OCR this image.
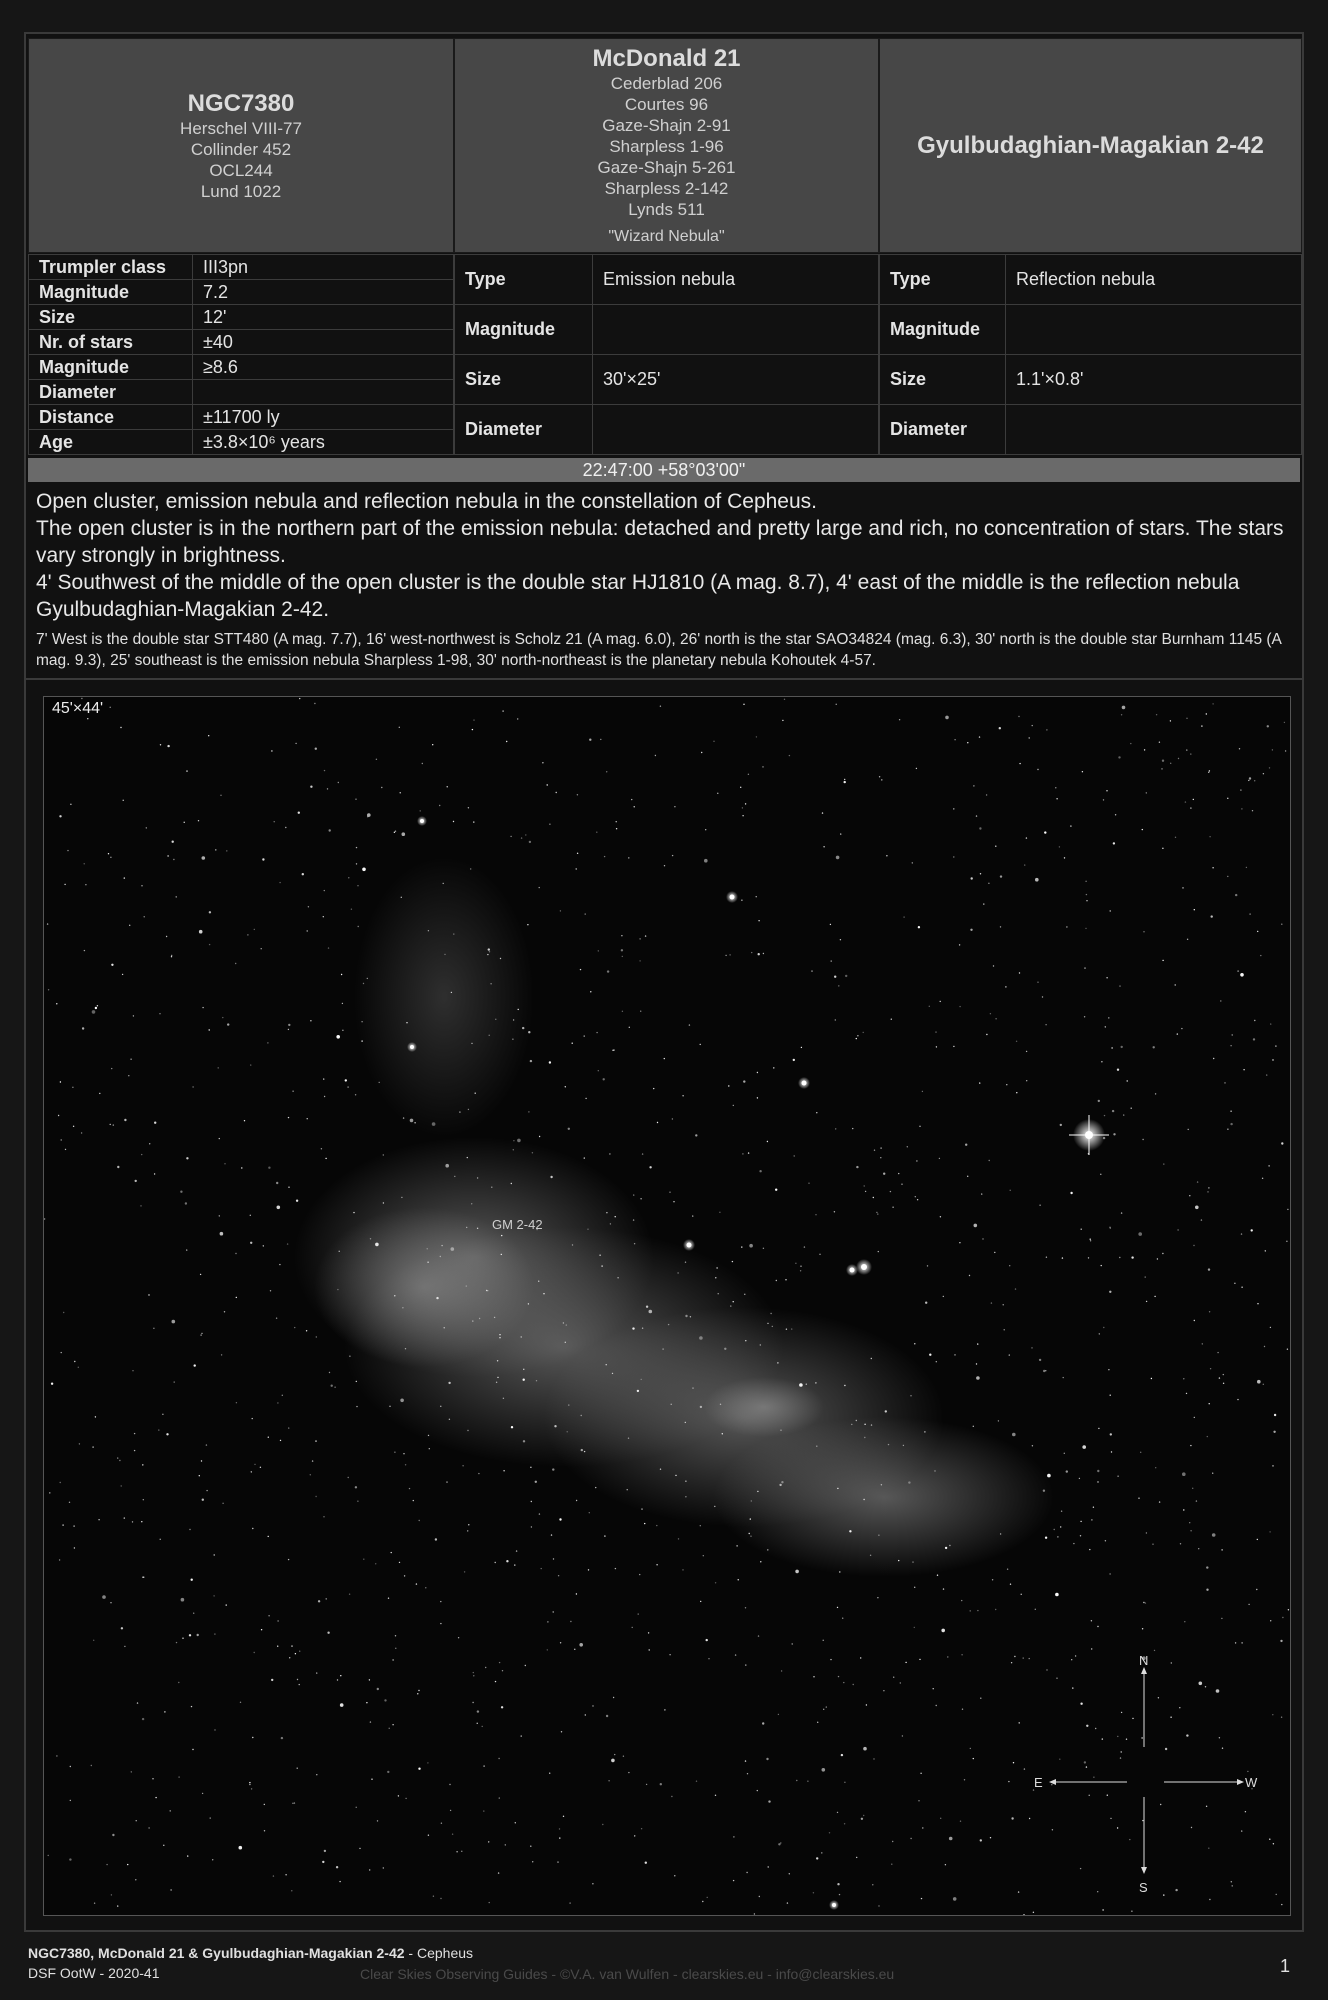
NGC7380
Herschel VIII-77
Collinder 452
OCL244
Lund 1022
McDonald 21
Cederblad 206
Courtes 96
Gaze-Shajn 2-91
Sharpless 1-96
Gaze-Shajn 5-261
Sharpless 2-142
Lynds 511
"Wizard Nebula"
Gyulbudaghian-Magakian 2-42
Trumpler class	III3pn
Magnitude	7.2
Size	12'
Nr. of stars	±40
Magnitude	≥8.6
Diameter	
Distance	±11700 ly
Age	±3.8×10⁶ years
Type	Emission nebula
Magnitude	
Size	30'×25'
Diameter	
Type	Reflection nebula
Magnitude	
Size	1.1'×0.8'
Diameter	
22:47:00 +58°03'00"

Open cluster, emission nebula and reflection nebula in the constellation of Cepheus.

The open cluster is in the northern part of the emission nebula: detached and pretty large and rich, no concentration of stars. The stars vary strongly in brightness.

4' Southwest of the middle of the open cluster is the double star HJ1810 (A mag. 8.7), 4' east of the middle is the reflection nebula Gyulbudaghian-Magakian 2-42.

7' West is the double star STT480 (A mag. 7.7), 16' west-northwest is Scholz 21 (A mag. 6.0), 26' north is the star SAO34824 (mag. 6.3), 30' north is the double star Burnham 1145 (A mag. 9.3), 25' southeast is the emission nebula Sharpless 1-98, 30' north-northeast is the planetary nebula Kohoutek 4-57.

45'×44'
GM 2-42
N
S
E	W
NGC7380, McDonald 21 & Gyulbudaghian-Magakian 2-42 - Cepheus
DSF OotW - 2020-41	Clear Skies Observing Guides - ©V.A. van Wulfen - clearskies.eu - info@clearskies.eu	1
